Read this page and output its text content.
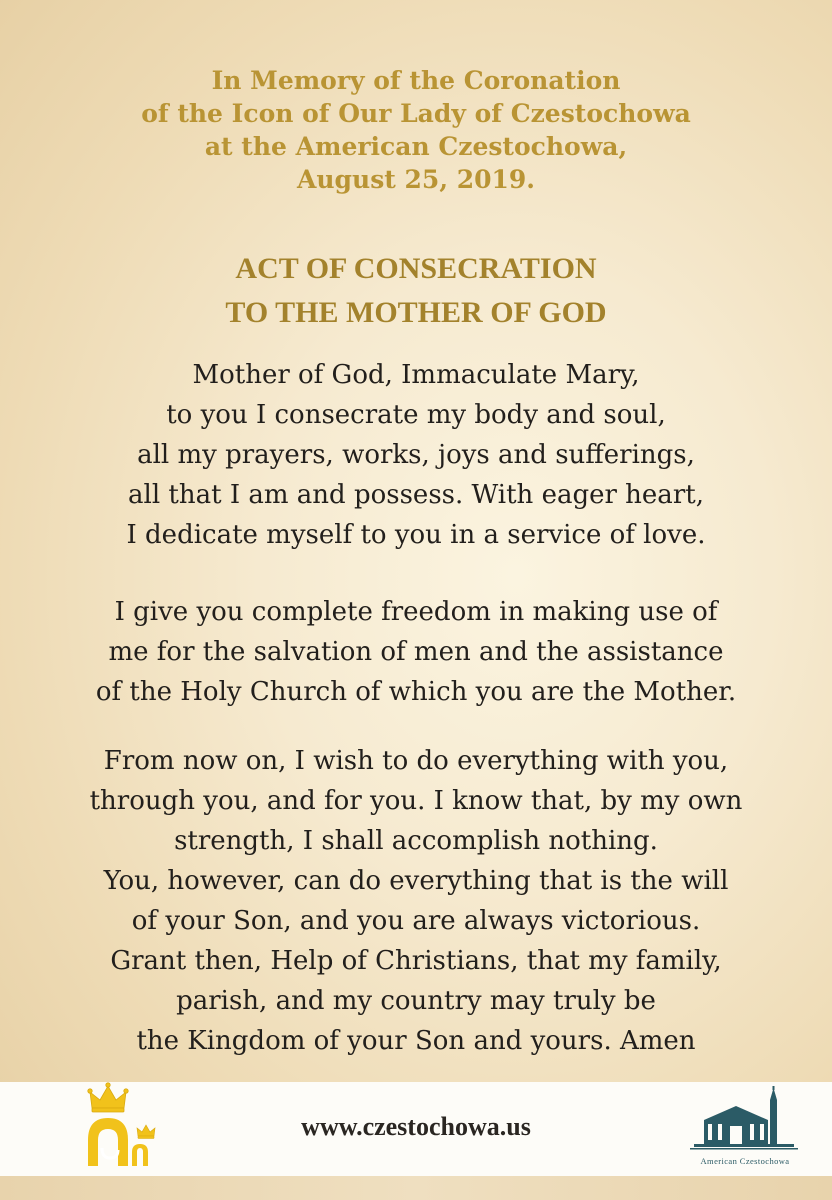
In Memory of the Coronation
of the Icon of Our Lady of Czestochowa
at the American Czestochowa,
August 25, 2019.
ACT OF CONSECRATION
TO THE MOTHER OF GOD
Mother of God, Immaculate Mary,
to you I consecrate my body and soul,
all my prayers, works, joys and sufferings,
all that I am and possess. With eager heart,
I dedicate myself to you in a service of love.
I give you complete freedom in making use of
me for the salvation of men and the assistance
of the Holy Church of which you are the Mother.
From now on, I wish to do everything with you,
through you, and for you. I know that, by my own
strength, I shall accomplish nothing.
You, however, can do everything that is the will
of your Son, and you are always victorious.
Grant then, Help of Christians, that my family,
parish, and my country may truly be
the Kingdom of your Son and yours. Amen
www.czestochowa.us
American Czestochowa
